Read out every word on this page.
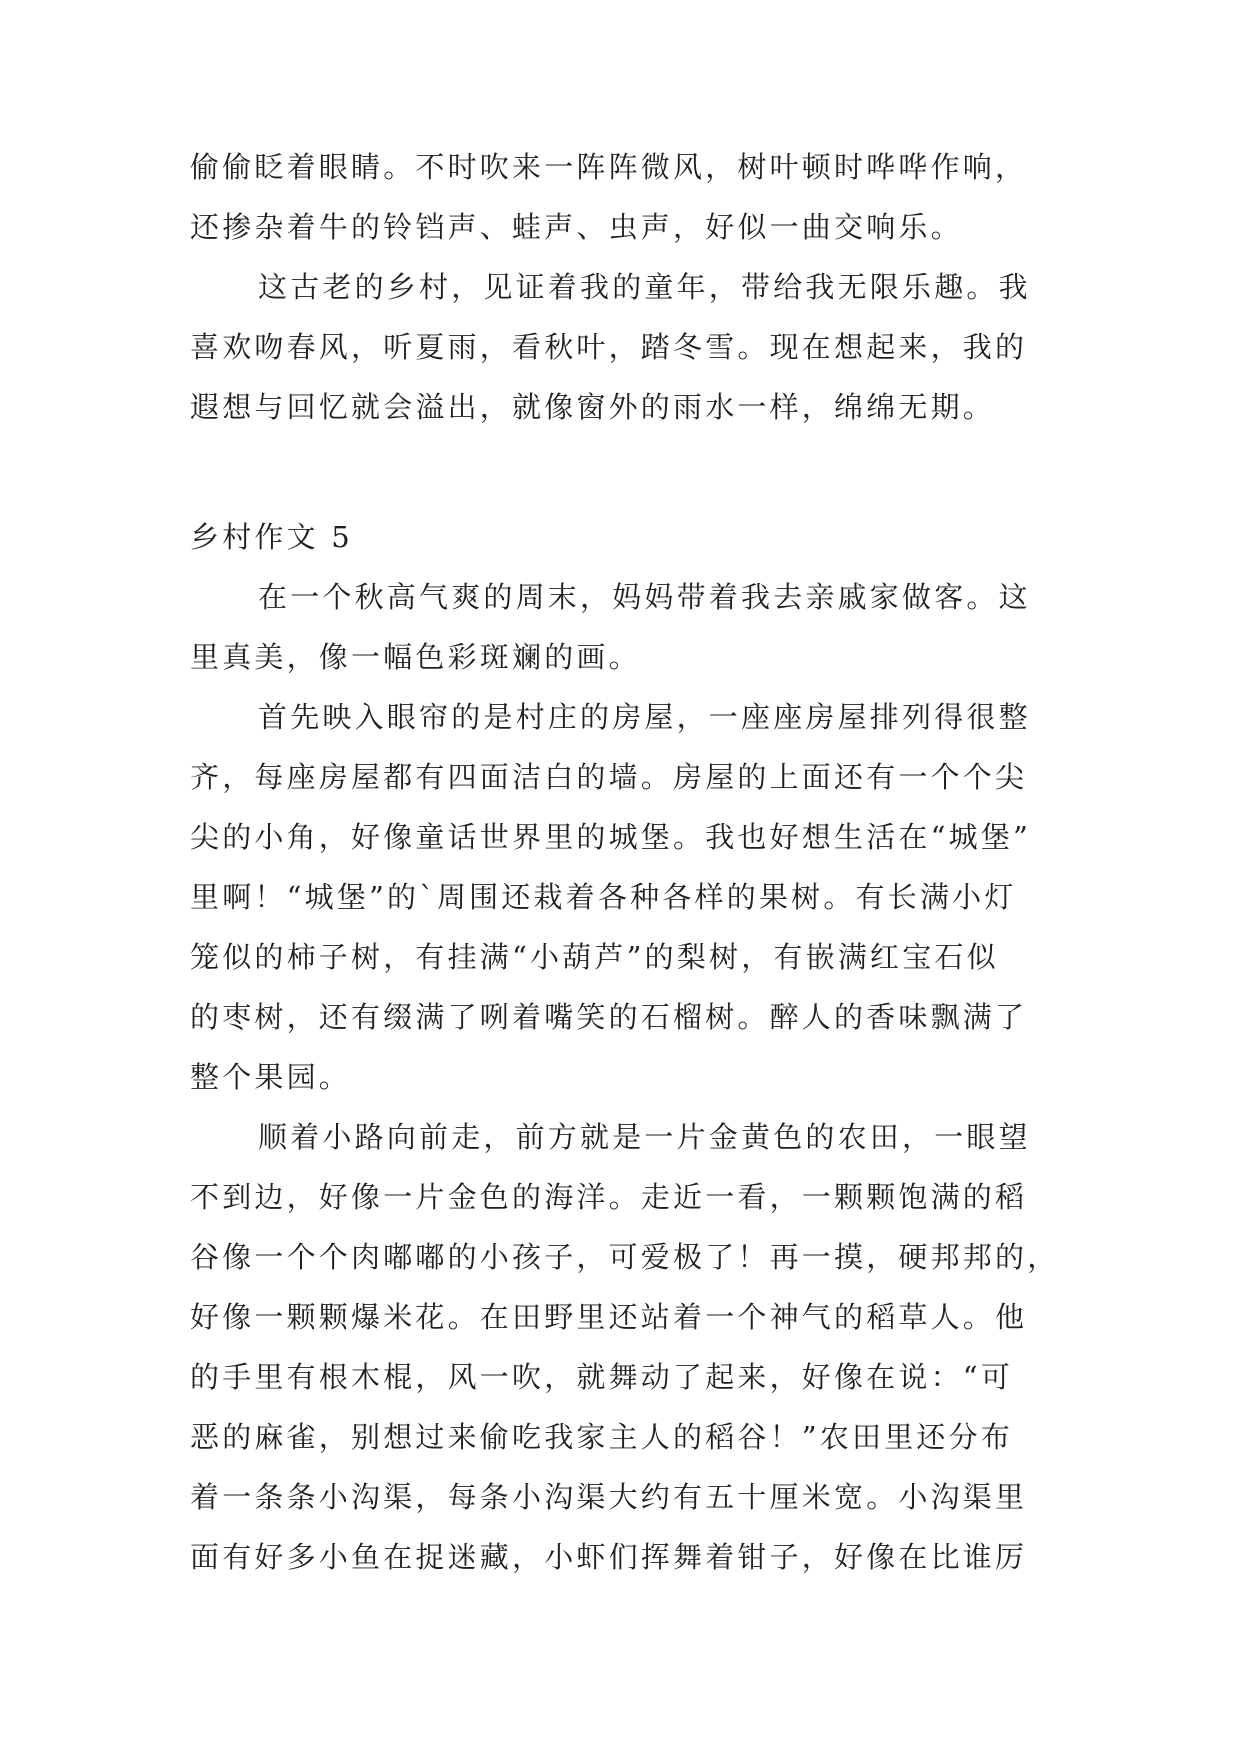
偷偷眨着眼睛。不时吹来一阵阵微风，树叶顿时哗哗作响，
还掺杂着牛的铃铛声、蛙声、虫声，好似一曲交响乐。
这古老的乡村，见证着我的童年，带给我无限乐趣。我
喜欢吻春风，听夏雨，看秋叶，踏冬雪。现在想起来，我的
遐想与回忆就会溢出，就像窗外的雨水一样，绵绵无期。
乡村作文 5
在一个秋高气爽的周末，妈妈带着我去亲戚家做客。这
里真美，像一幅色彩斑斓的画。
首先映入眼帘的是村庄的房屋，一座座房屋排列得很整
齐，每座房屋都有四面洁白的墙。房屋的上面还有一个个尖
尖的小角，好像童话世界里的城堡。我也好想生活在“城堡”
里啊！“城堡”的`周围还栽着各种各样的果树。有长满小灯
笼似的柿子树，有挂满“小葫芦”的梨树，有嵌满红宝石似
的枣树，还有缀满了咧着嘴笑的石榴树。醉人的香味飘满了
整个果园。
顺着小路向前走，前方就是一片金黄色的农田，一眼望
不到边，好像一片金色的海洋。走近一看，一颗颗饱满的稻
谷像一个个肉嘟嘟的小孩子，可爱极了！再一摸，硬邦邦的，
好像一颗颗爆米花。在田野里还站着一个神气的稻草人。他
的手里有根木棍，风一吹，就舞动了起来，好像在说：“可
恶的麻雀，别想过来偷吃我家主人的稻谷！”农田里还分布
着一条条小沟渠，每条小沟渠大约有五十厘米宽。小沟渠里
面有好多小鱼在捉迷藏，小虾们挥舞着钳子，好像在比谁厉
